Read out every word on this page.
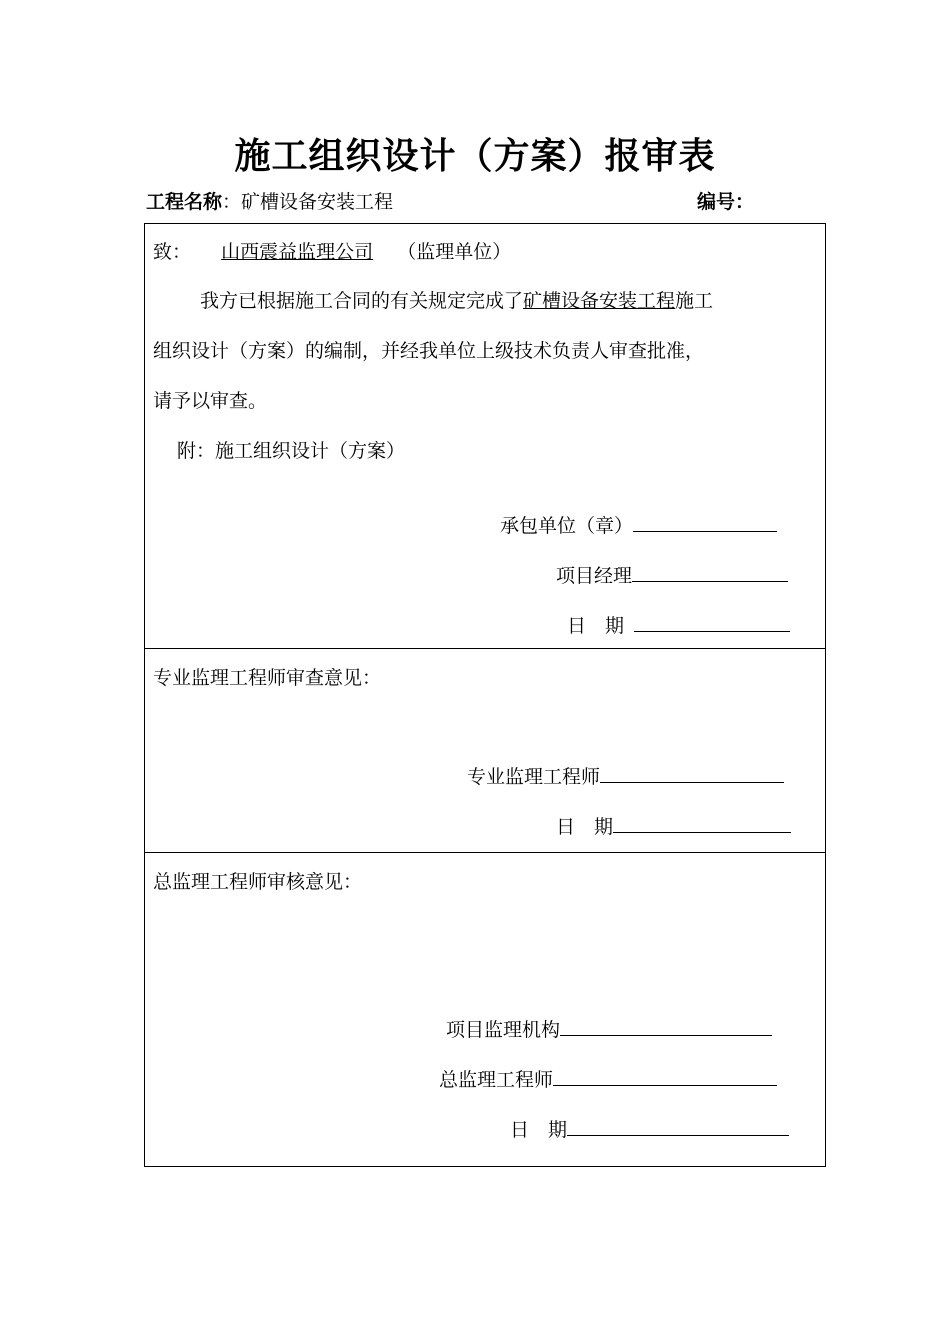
施工组织设计（方案）报审表
工程名称：矿槽设备安装工程	编号：
致： 山西震益监理公司 （监理单位）
我方已根据施工合同的有关规定完成了矿槽设备安装工程施工
组织设计（方案）的编制，并经我单位上级技术负责人审查批准，
请予以审查。
附：施工组织设计（方案）
承包单位（章）
项目经理
日　期
专业监理工程师审查意见：
专业监理工程师
日　期
总监理工程师审核意见：
项目监理机构
总监理工程师
日　期
